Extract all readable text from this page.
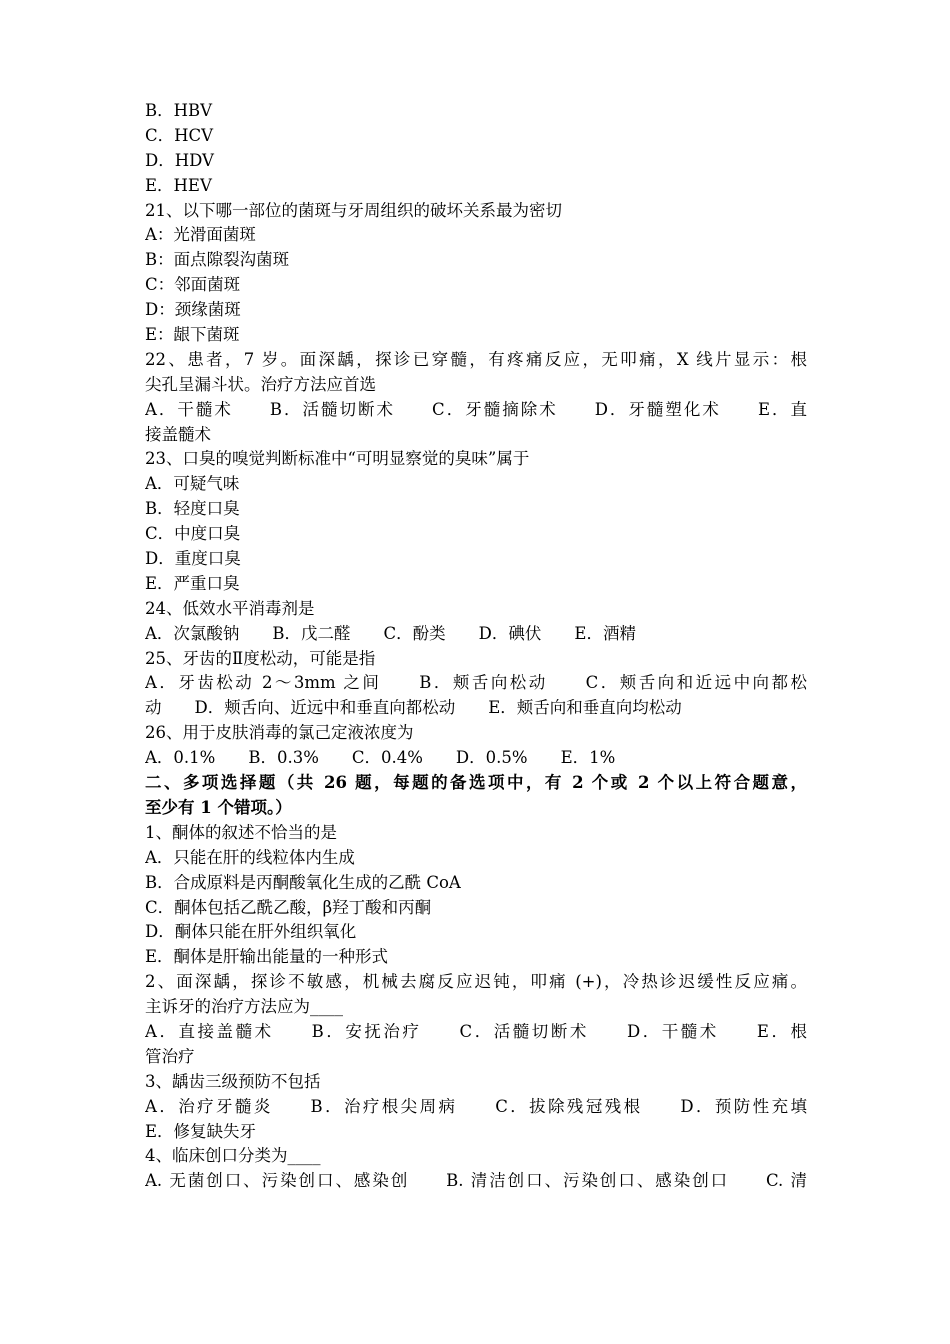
B．HBV
C．HCV
D．HDV
E．HEV
21、以下哪一部位的菌斑与牙周组织的破坏关系最为密切
A：光滑面菌斑
B：面点隙裂沟菌斑
C：邻面菌斑
D：颈缘菌斑
E：龈下菌斑
22、患者，7 岁。面深龋，探诊已穿髓，有疼痛反应，无叩痛，X 线片显示：根
尖孔呈漏斗状。治疗方法应首选
A．干髓术　　B．活髓切断术　　C．牙髓摘除术　　D．牙髓塑化术　　E．直
接盖髓术
23、口臭的嗅觉判断标准中“可明显察觉的臭味”属于
A．可疑气味
B．轻度口臭
C．中度口臭
D．重度口臭
E．严重口臭
24、低效水平消毒剂是
A．次氯酸钠　　B．戊二醛　　C．酚类　　D．碘伏　　E．酒精
25、牙齿的Ⅱ度松动，可能是指
A．牙齿松动 2～3mm 之间　　B．颊舌向松动　　C．颊舌向和近远中向都松
动　　D．颊舌向、近远中和垂直向都松动　　E．颊舌向和垂直向均松动
26、用于皮肤消毒的氯己定液浓度为
A．0.1%　　B．0.3%　　C．0.4%　　D．0.5%　　E．1%
二、多项选择题（共 26 题，每题的备选项中，有 2 个或 2 个以上符合题意，
至少有 1 个错项。）
1、酮体的叙述不恰当的是
A．只能在肝的线粒体内生成
B．合成原料是丙酮酸氧化生成的乙酰 CoA
C．酮体包括乙酰乙酸，β羟丁酸和丙酮
D．酮体只能在肝外组织氧化
E．酮体是肝输出能量的一种形式
2、面深龋，探诊不敏感，机械去腐反应迟钝，叩痛 (+)，冷热诊迟缓性反应痛。
主诉牙的治疗方法应为____
A．直接盖髓术　　B．安抚治疗　　C．活髓切断术　　D．干髓术　　E．根
管治疗
3、龋齿三级预防不包括
A．治疗牙髓炎　　B．治疗根尖周病　　C．拔除残冠残根　　D．预防性充填
E．修复缺失牙
4、临床创口分类为____
A. 无菌创口、污染创口、感染创　　B. 清洁创口、污染创口、感染创口　　C. 清
